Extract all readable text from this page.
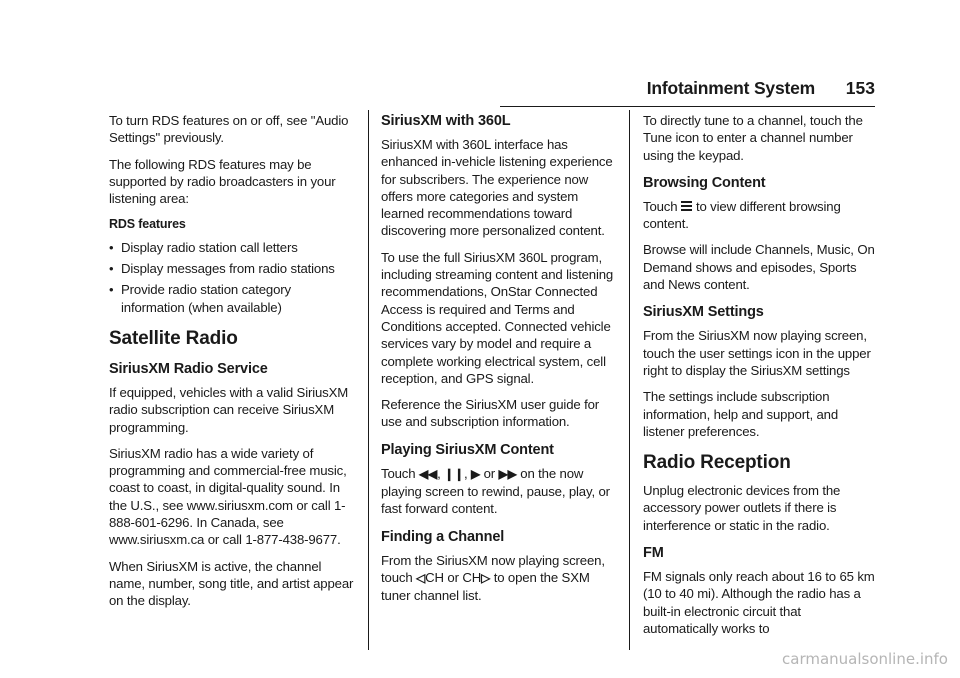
Infotainment System 153

To turn RDS features on or off, see "Audio Settings" previously.

The following RDS features may be supported by radio broadcasters in your listening area:

RDS features
• Display radio station call letters
• Display messages from radio stations
• Provide radio station category information (when available)
Satellite Radio
SiriusXM Radio Service

If equipped, vehicles with a valid SiriusXM radio subscription can receive SiriusXM programming.

SiriusXM radio has a wide variety of programming and commercial-free music, coast to coast, in digital-quality sound. In the U.S., see www.siriusxm.com or call 1-888-601-6296. In Canada, see www.siriusxm.ca or call 1-877-438-9677.

When SiriusXM is active, the channel name, number, song title, and artist appear on the display.

SiriusXM with 360L

SiriusXM with 360L interface has enhanced in-vehicle listening experience for subscribers. The experience now offers more categories and system learned recommendations toward discovering more personalized content.

To use the full SiriusXM 360L program, including streaming content and listening recommendations, OnStar Connected Access is required and Terms and Conditions accepted. Connected vehicle services vary by model and require a complete working electrical system, cell reception, and GPS signal.

Reference the SiriusXM user guide for use and subscription information.

Playing SiriusXM Content

Touch ◀◀, ❙❙, ▶ or ▶▶ on the now playing screen to rewind, pause, play, or fast forward content.

Finding a Channel

From the SiriusXM now playing screen, touch ◁CH or CH▷ to open the SXM tuner channel list.

To directly tune to a channel, touch the Tune icon to enter a channel number using the keypad.

Browsing Content

Touch to view different browsing content.

Browse will include Channels, Music, On Demand shows and episodes, Sports and News content.

SiriusXM Settings

From the SiriusXM now playing screen, touch the user settings icon in the upper right to display the SiriusXM settings

The settings include subscription information, help and support, and listener preferences.

Radio Reception

Unplug electronic devices from the accessory power outlets if there is interference or static in the radio.

FM

FM signals only reach about 16 to 65 km (10 to 40 mi). Although the radio has a built-in electronic circuit that automatically works to

carmanualsonline.info
